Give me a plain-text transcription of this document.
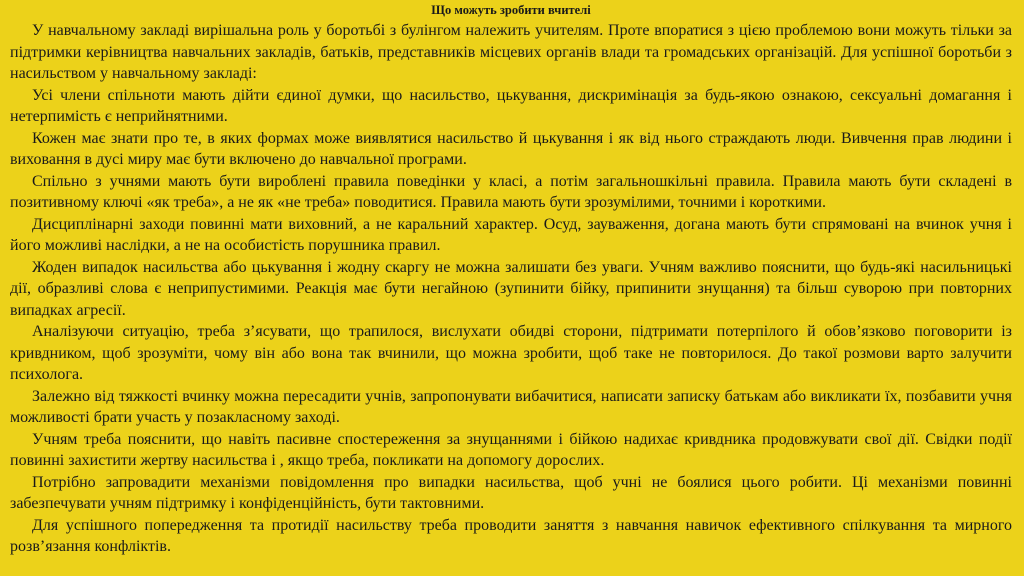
Що можуть зробити вчителі

У навчальному закладі вирішальна роль у боротьбі з булінгом належить учителям. Проте впоратися з цією проблемою вони можуть тільки за підтримки керівництва навчальних закладів, батьків, представників місцевих органів влади та громадських організацій. Для успішної боротьби з насильством у навчальному закладі:

Усі члени спільноти мають дійти єдиної думки, що насильство, цькування, дискримінація за будь-якою ознакою, сексуальні домагання і нетерпимість є неприйнятними.

Кожен має знати про те, в яких формах може виявлятися насильство й цькування і як від нього страждають люди. Вивчення прав людини і виховання в дусі миру має бути включено до навчальної програми.

Спільно з учнями мають бути вироблені правила поведінки у класі, а потім загальношкільні правила. Правила мають бути складені в позитивному ключі «як треба», а не як «не треба» поводитися. Правила мають бути зрозумілими, точними і короткими.

Дисциплінарні заходи повинні мати виховний, а не каральний характер. Осуд, зауваження, догана мають бути спрямовані на вчинок учня і його можливі наслідки, а не на особистість порушника правил.

Жоден випадок насильства або цькування і жодну скаргу не можна залишати без уваги. Учням важливо пояснити, що будь-які насильницькі дії, образливі слова є неприпустимими. Реакція має бути негайною (зупинити бійку, припинити знущання) та більш суворою при повторних випадках агресії.

Аналізуючи ситуацію, треба з’ясувати, що трапилося, вислухати обидві сторони, підтримати потерпілого й обов’язково поговорити із кривдником, щоб зрозуміти, чому він або вона так вчинили, що можна зробити, щоб таке не повторилося. До такої розмови варто залучити психолога.

Залежно від тяжкості вчинку можна пересадити учнів, запропонувати вибачитися, написати записку батькам або викликати їх, позбавити учня можливості брати участь у позакласному заході.

Учням треба пояснити, що навіть пасивне спостереження за знущаннями і бійкою надихає кривдника продовжувати свої дії. Свідки події повинні захистити жертву насильства і , якщо треба, покликати на допомогу дорослих.

Потрібно запровадити механізми повідомлення про випадки насильства, щоб учні не боялися цього робити. Ці механізми повинні забезпечувати учням підтримку і конфіденційність, бути тактовними.

Для успішного попередження та протидії насильству треба проводити заняття з навчання навичок ефективного спілкування та мирного розв’язання конфліктів.
